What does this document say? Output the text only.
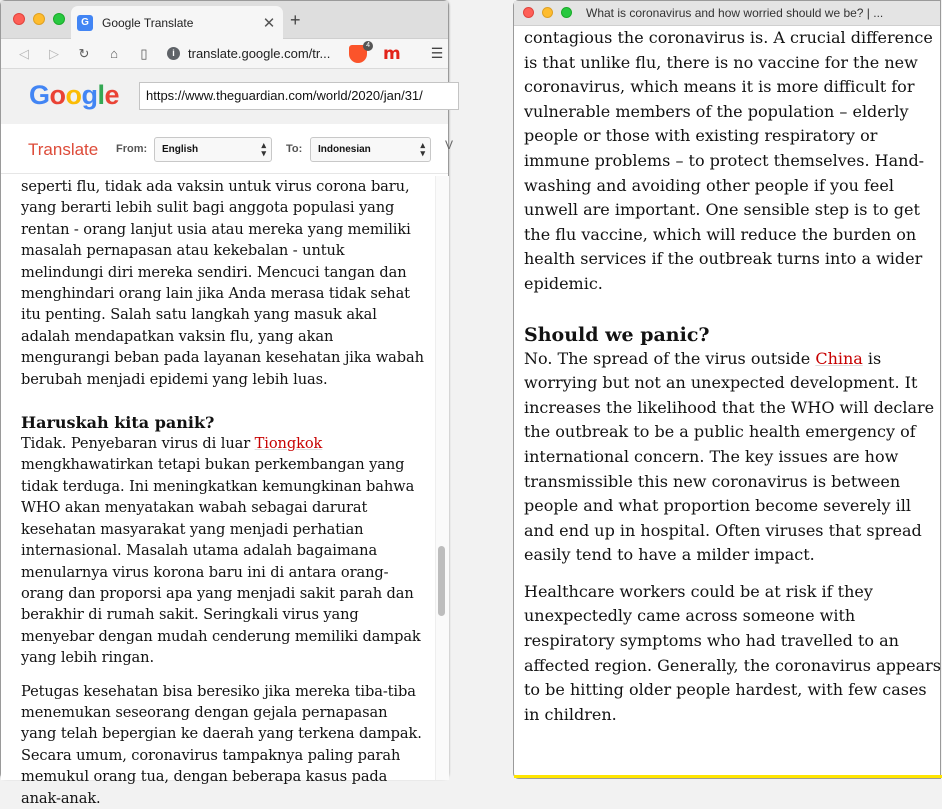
G	Google Translate	✕ +
◁	▷	↻	⌂	▯	i	translate.google.com/tr...
4 m ☰
Google	https://www.theguardian.com/world/2020/jan/31/
Translate From:	English	▴
▾ To:	Indonesian	▴
▾
V

seperti flu, tidak ada vaksin untuk virus corona baru, yang berarti lebih sulit bagi anggota populasi yang rentan - orang lanjut usia atau mereka yang memiliki masalah pernapasan atau kekebalan - untuk melindungi diri mereka sendiri. Mencuci tangan dan menghindari orang lain jika Anda merasa tidak sehat itu penting. Salah satu langkah yang masuk akal adalah mendapatkan vaksin flu, yang akan mengurangi beban pada layanan kesehatan jika wabah berubah menjadi epidemi yang lebih luas.

Haruskah kita panik?

Tidak. Penyebaran virus di luar Tiongkok mengkhawatirkan tetapi bukan perkembangan yang tidak terduga. Ini meningkatkan kemungkinan bahwa WHO akan menyatakan wabah sebagai darurat kesehatan masyarakat yang menjadi perhatian internasional. Masalah utama adalah bagaimana menularnya virus korona baru ini di antara orang-orang dan proporsi apa yang menjadi sakit parah dan berakhir di rumah sakit. Seringkali virus yang menyebar dengan mudah cenderung memiliki dampak yang lebih ringan.

Petugas kesehatan bisa beresiko jika mereka tiba-tiba menemukan seseorang dengan gejala pernapasan yang telah bepergian ke daerah yang terkena dampak. Secara umum, coronavirus tampaknya paling parah memukul orang tua, dengan beberapa kasus pada anak-anak.

What is coronavirus and how worried should we be? | ...

contagious the coronavirus is. A crucial difference is that unlike flu, there is no vaccine for the new coronavirus, which means it is more difficult for vulnerable members of the population – elderly people or those with existing respiratory or immune problems – to protect themselves. Hand-washing and avoiding other people if you feel unwell are important. One sensible step is to get the flu vaccine, which will reduce the burden on health services if the outbreak turns into a wider epidemic.

Should we panic?

No. The spread of the virus outside China is worrying but not an unexpected development. It increases the likelihood that the WHO will declare the outbreak to be a public health emergency of international concern. The key issues are how transmissible this new coronavirus is between people and what proportion become severely ill and end up in hospital. Often viruses that spread easily tend to have a milder impact.

Healthcare workers could be at risk if they unexpectedly came across someone with respiratory symptoms who had travelled to an affected region. Generally, the coronavirus appears to be hitting older people hardest, with few cases in children.
